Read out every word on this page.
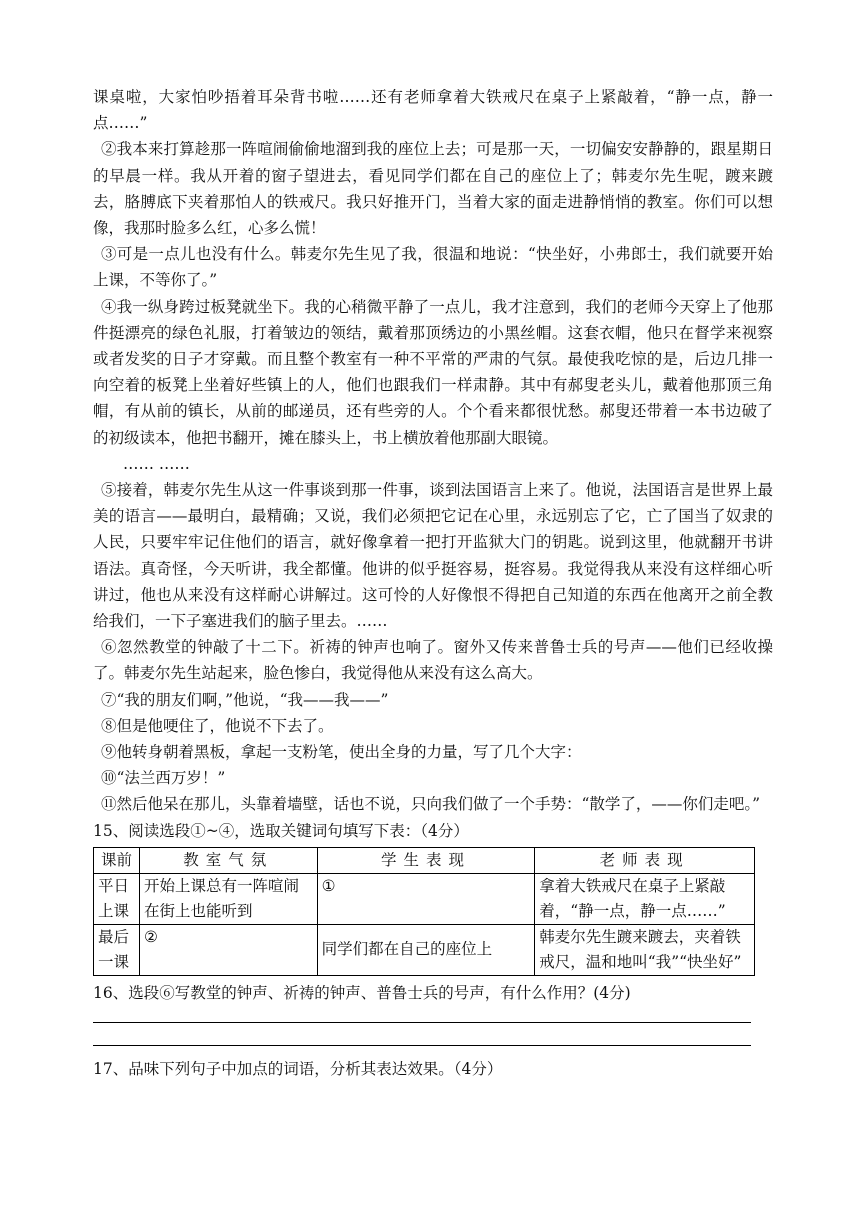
课桌啦，大家怕吵捂着耳朵背书啦……还有老师拿着大铁戒尺在桌子上紧敲着，“静一点，静一点……”

②我本来打算趁那一阵喧闹偷偷地溜到我的座位上去；可是那一天，一切偏安安静静的，跟星期日的早晨一样。我从开着的窗子望进去，看见同学们都在自己的座位上了；韩麦尔先生呢，踱来踱去，胳膊底下夹着那怕人的铁戒尺。我只好推开门，当着大家的面走进静悄悄的教室。你们可以想像，我那时脸多么红，心多么慌！

③可是一点儿也没有什么。韩麦尔先生见了我，很温和地说：“快坐好，小弗郎士，我们就要开始上课，不等你了。”

④我一纵身跨过板凳就坐下。我的心稍微平静了一点儿，我才注意到，我们的老师今天穿上了他那件挺漂亮的绿色礼服，打着皱边的领结，戴着那顶绣边的小黑丝帽。这套衣帽，他只在督学来视察或者发奖的日子才穿戴。而且整个教室有一种不平常的严肃的气氛。最使我吃惊的是，后边几排一向空着的板凳上坐着好些镇上的人，他们也跟我们一样肃静。其中有郝叟老头儿，戴着他那顶三角帽，有从前的镇长，从前的邮递员，还有些旁的人。个个看来都很忧愁。郝叟还带着一本书边破了的初级读本，他把书翻开，摊在膝头上，书上横放着他那副大眼镜。

…… ……

⑤接着，韩麦尔先生从这一件事谈到那一件事，谈到法国语言上来了。他说，法国语言是世界上最美的语言——最明白，最精确；又说，我们必须把它记在心里，永远别忘了它，亡了国当了奴隶的人民，只要牢牢记住他们的语言，就好像拿着一把打开监狱大门的钥匙。说到这里，他就翻开书讲语法。真奇怪，今天听讲，我全都懂。他讲的似乎挺容易，挺容易。我觉得我从来没有这样细心听讲过，他也从来没有这样耐心讲解过。这可怜的人好像恨不得把自己知道的东西在他离开之前全教给我们，一下子塞进我们的脑子里去。……

⑥忽然教堂的钟敲了十二下。祈祷的钟声也响了。窗外又传来普鲁士兵的号声——他们已经收操了。韩麦尔先生站起来，脸色惨白，我觉得他从来没有这么高大。

⑦“我的朋友们啊，”他说，“我——我——”

⑧但是他哽住了，他说不下去了。

⑨他转身朝着黑板，拿起一支粉笔，使出全身的力量，写了几个大字：

⑩“法兰西万岁！”

⑪然后他呆在那儿，头靠着墙壁，话也不说，只向我们做了一个手势：“散学了，——你们走吧。”

15、阅读选段①~④，选取关键词句填写下表：（4分）

课前	教室气氛	学生表现	老师表现
平日上课	开始上课总有一阵喧闹在街上也能听到	①	拿着大铁戒尺在桌子上紧敲着，“静一点，静一点……”
最后一课	②	同学们都在自己的座位上	韩麦尔先生踱来踱去，夹着铁戒尺，温和地叫“我”“快坐好”

16、选段⑥写教堂的钟声、祈祷的钟声、普鲁士兵的号声，有什么作用？(4分)

17、品味下列句子中加点的词语，分析其表达效果。（4分）
